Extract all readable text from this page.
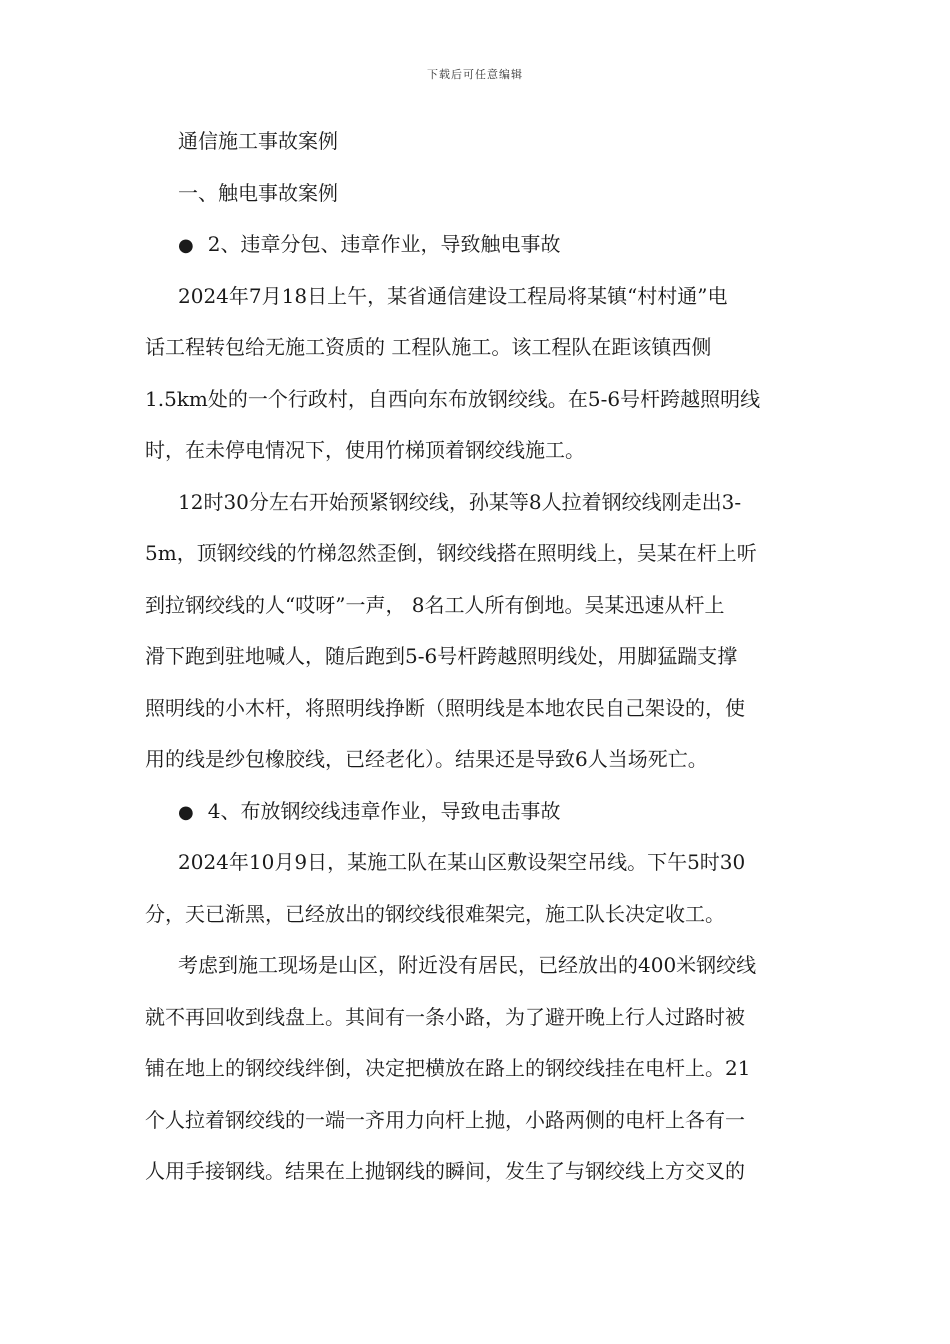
下载后可任意编辑
通信施工事故案例
一、触电事故案例
● 2、违章分包、违章作业，导致触电事故
2024年7月18日上午，某省通信建设工程局将某镇“村村通”电
话工程转包给无施工资质的 工程队施工。该工程队在距该镇西侧
1.5km处的一个行政村，自西向东布放钢绞线。在5-6号杆跨越照明线
时，在未停电情况下，使用竹梯顶着钢绞线施工。
12时30分左右开始预紧钢绞线，孙某等8人拉着钢绞线刚走出3-
5m，顶钢绞线的竹梯忽然歪倒，钢绞线搭在照明线上，吴某在杆上听
到拉钢绞线的人“哎呀”一声， 8名工人所有倒地。吴某迅速从杆上
滑下跑到驻地喊人，随后跑到5-6号杆跨越照明线处，用脚猛踹支撑
照明线的小木杆，将照明线挣断（照明线是本地农民自己架设的，使
用的线是纱包橡胶线，已经老化）。结果还是导致6人当场死亡。
● 4、布放钢绞线违章作业，导致电击事故
2024年10月9日，某施工队在某山区敷设架空吊线。下午5时30
分，天已渐黑，已经放出的钢绞线很难架完，施工队长决定收工。
考虑到施工现场是山区，附近没有居民，已经放出的400米钢绞线
就不再回收到线盘上。其间有一条小路，为了避开晚上行人过路时被
铺在地上的钢绞线绊倒，决定把横放在路上的钢绞线挂在电杆上。21
个人拉着钢绞线的一端一齐用力向杆上抛，小路两侧的电杆上各有一
人用手接钢线。结果在上抛钢线的瞬间，发生了与钢绞线上方交叉的
